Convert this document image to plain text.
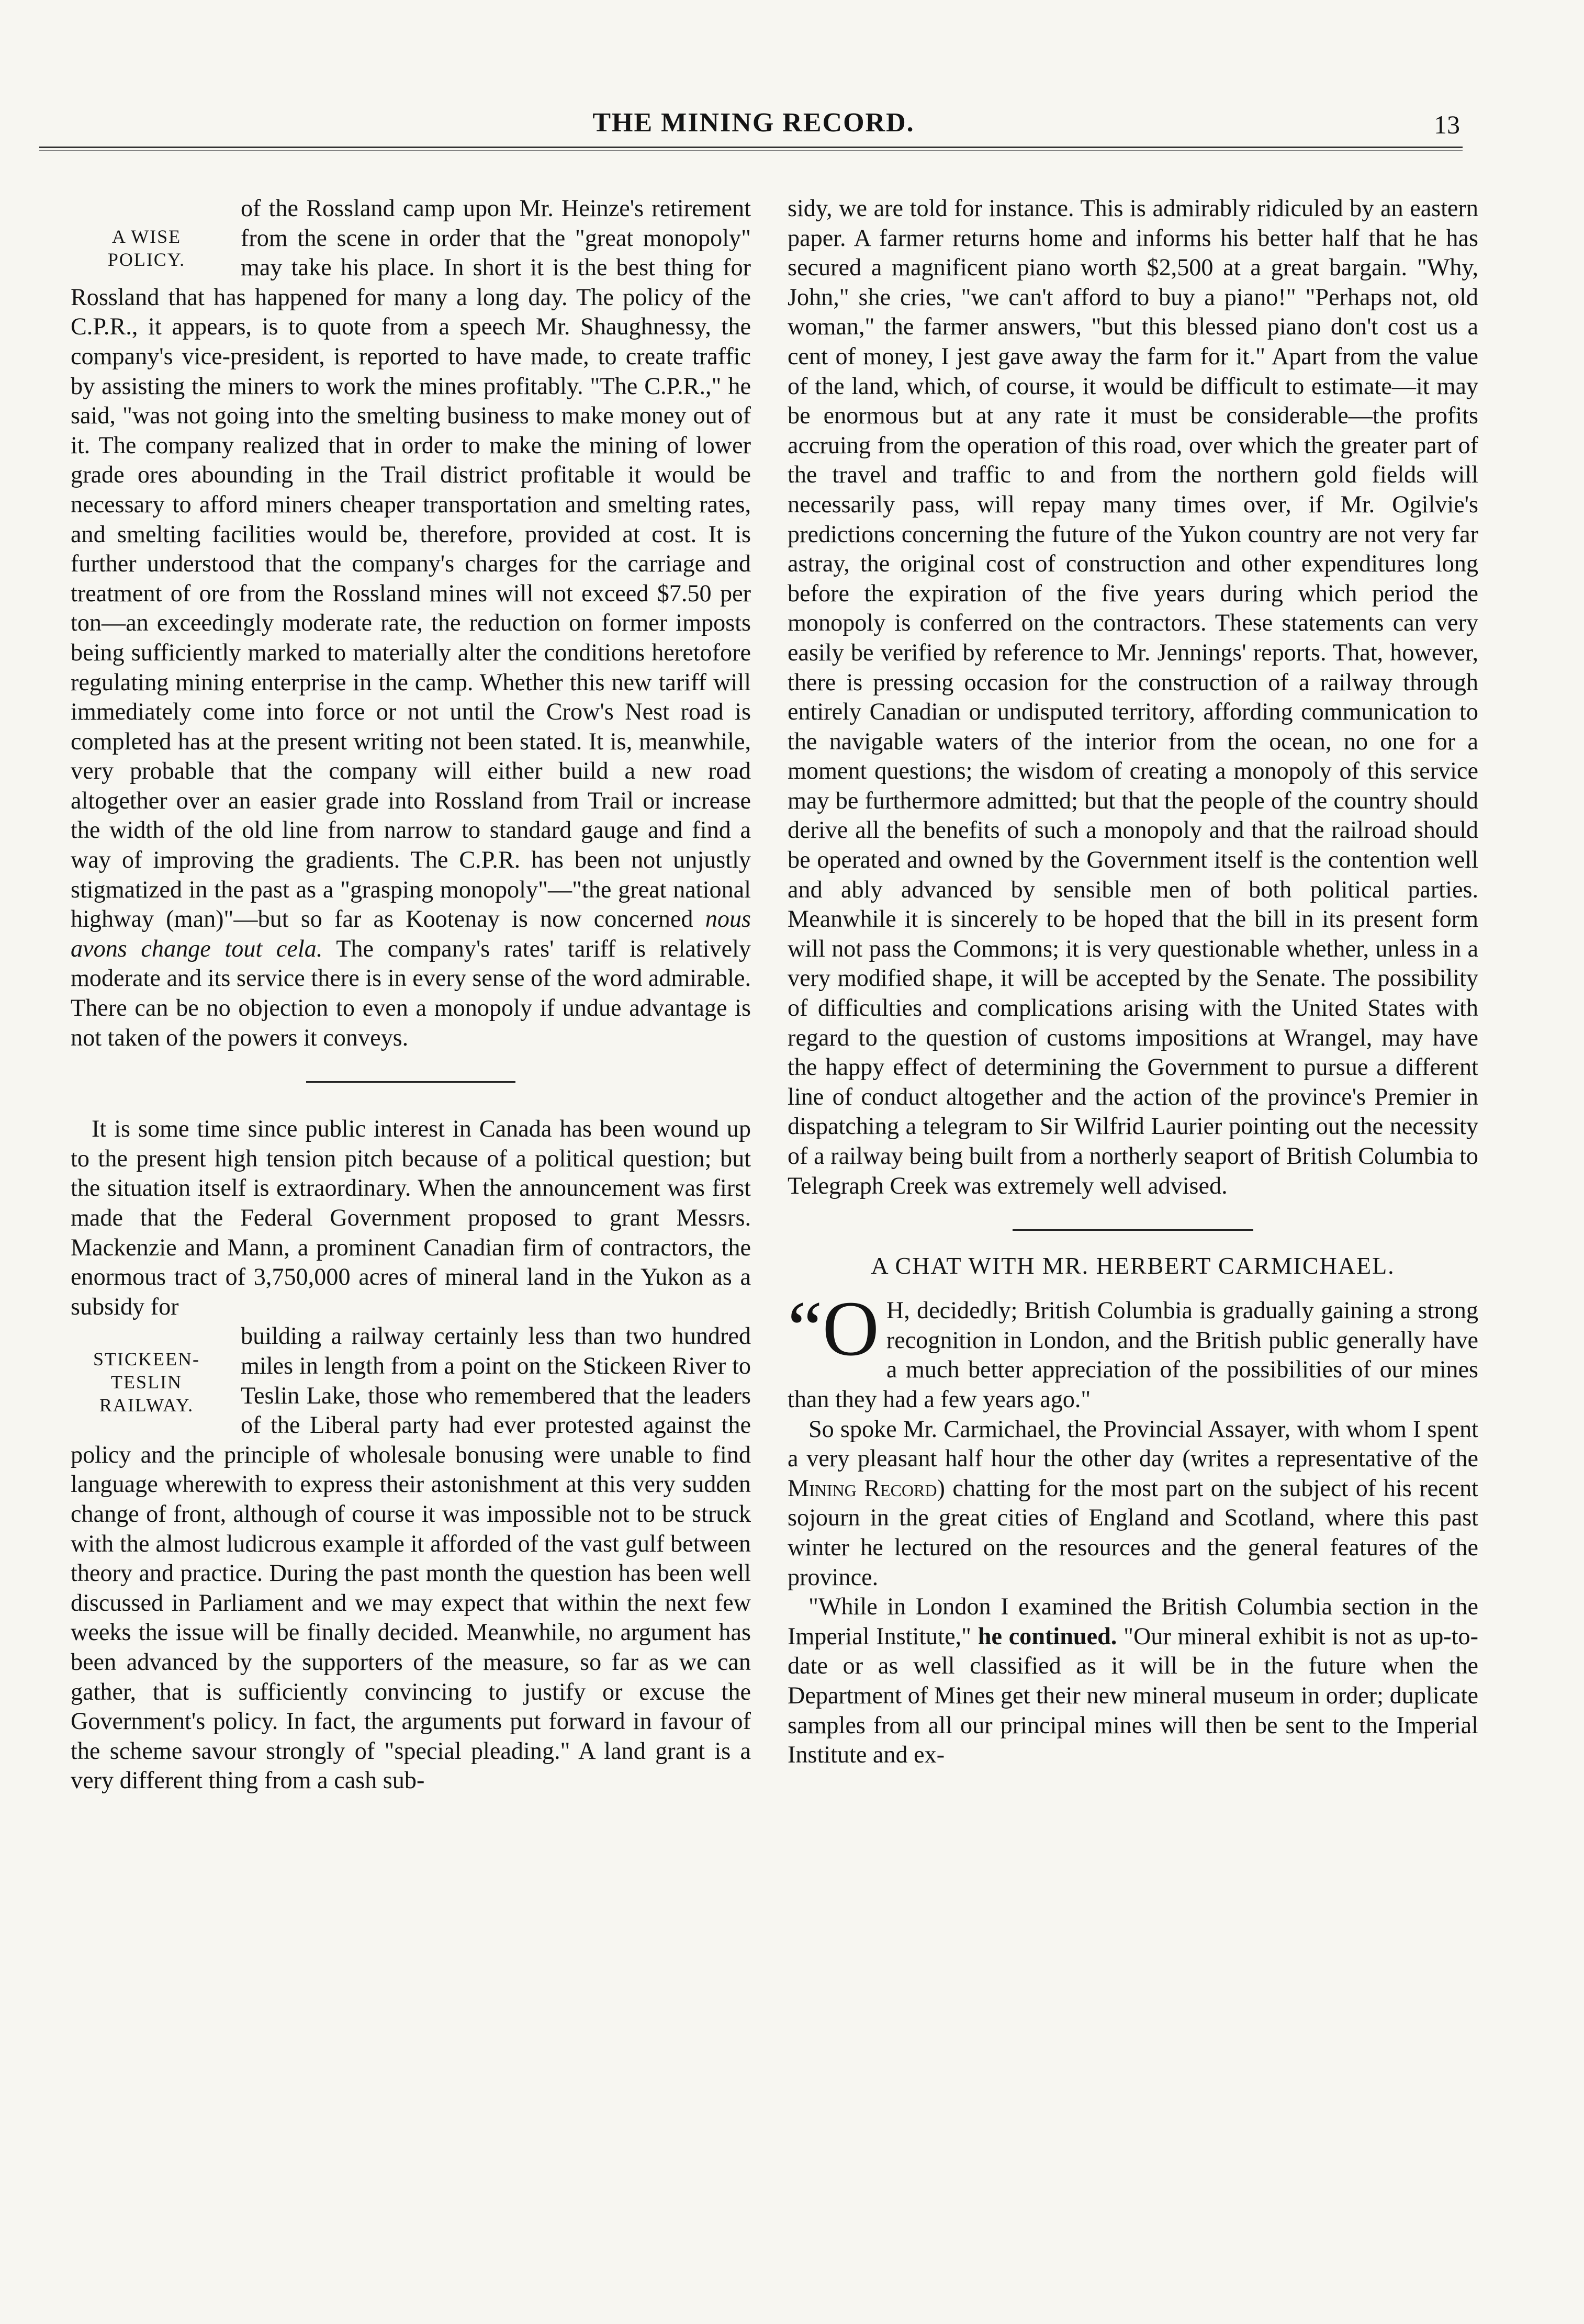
THE MINING RECORD.	13
A WISE
POLICY.

of the Rossland camp upon Mr. Heinze's retirement from the scene in order that the "great monopoly" may take his place. In short it is the best thing for Rossland that has happened for many a long day. The policy of the C.P.R., it appears, is to quote from a speech Mr. Shaughnessy, the company's vice-president, is reported to have made, to create traffic by assisting the miners to work the mines profitably. "The C.P.R.," he said, "was not going into the smelting business to make money out of it. The company realized that in order to make the mining of lower grade ores abounding in the Trail district profitable it would be necessary to afford miners cheaper transportation and smelting rates, and smelting facilities would be, therefore, provided at cost. It is further understood that the company's charges for the carriage and treatment of ore from the Rossland mines will not exceed $7.50 per ton—an exceedingly moderate rate, the reduction on former imposts being sufficiently marked to materially alter the conditions heretofore regulating mining enterprise in the camp. Whether this new tariff will immediately come into force or not until the Crow's Nest road is completed has at the present writing not been stated. It is, meanwhile, very probable that the company will either build a new road altogether over an easier grade into Rossland from Trail or increase the width of the old line from narrow to standard gauge and find a way of improving the gradients. The C.P.R. has been not unjustly stigmatized in the past as a "grasping monopoly"—"the great national highway (man)"—but so far as Kootenay is now concerned nous avons change tout cela. The company's rates' tariff is relatively moderate and its service there is in every sense of the word admirable. There can be no objection to even a monopoly if undue advantage is not taken of the powers it conveys.

It is some time since public interest in Canada has been wound up to the present high tension pitch because of a political question; but the situation itself is extraordinary. When the announcement was first made that the Federal Government proposed to grant Messrs. Mackenzie and Mann, a prominent Canadian firm of contractors, the enormous tract of 3,750,000 acres of mineral land in the Yukon as a subsidy for

STICKEEN-
TESLIN
RAILWAY.

building a railway certainly less than two hundred miles in length from a point on the Stickeen River to Teslin Lake, those who remembered that the leaders of the Liberal party had ever protested against the policy and the principle of wholesale bonusing were unable to find language wherewith to express their astonishment at this very sudden change of front, although of course it was impossible not to be struck with the almost ludicrous example it afforded of the vast gulf between theory and practice. During the past month the question has been well discussed in Parliament and we may expect that within the next few weeks the issue will be finally decided. Meanwhile, no argument has been advanced by the supporters of the measure, so far as we can gather, that is sufficiently convincing to justify or excuse the Government's policy. In fact, the arguments put forward in favour of the scheme savour strongly of "special pleading." A land grant is a very different thing from a cash sub-

sidy, we are told for instance. This is admirably ridiculed by an eastern paper. A farmer returns home and informs his better half that he has secured a magnificent piano worth $2,500 at a great bargain. "Why, John," she cries, "we can't afford to buy a piano!" "Perhaps not, old woman," the farmer answers, "but this blessed piano don't cost us a cent of money, I jest gave away the farm for it." Apart from the value of the land, which, of course, it would be difficult to estimate—it may be enormous but at any rate it must be considerable—the profits accruing from the operation of this road, over which the greater part of the travel and traffic to and from the northern gold fields will necessarily pass, will repay many times over, if Mr. Ogilvie's predictions concerning the future of the Yukon country are not very far astray, the original cost of construction and other expenditures long before the expiration of the five years during which period the monopoly is conferred on the contractors. These statements can very easily be verified by reference to Mr. Jennings' reports. That, however, there is pressing occasion for the construction of a railway through entirely Canadian or undisputed territory, affording communication to the navigable waters of the interior from the ocean, no one for a moment questions; the wisdom of creating a monopoly of this service may be furthermore admitted; but that the people of the country should derive all the benefits of such a monopoly and that the railroad should be operated and owned by the Government itself is the contention well and ably advanced by sensible men of both political parties. Meanwhile it is sincerely to be hoped that the bill in its present form will not pass the Commons; it is very questionable whether, unless in a very modified shape, it will be accepted by the Senate. The possibility of difficulties and complications arising with the United States with regard to the question of customs impositions at Wrangel, may have the happy effect of determining the Government to pursue a different line of conduct altogether and the action of the province's Premier in dispatching a telegram to Sir Wilfrid Laurier pointing out the necessity of a railway being built from a northerly seaport of British Columbia to Telegraph Creek was extremely well advised.

A CHAT WITH MR. HERBERT CARMICHAEL.

“O H, decidedly; British Columbia is gradually gaining a strong recognition in London, and the British public generally have a much better appreciation of the possibilities of our mines than they had a few years ago."

So spoke Mr. Carmichael, the Provincial Assayer, with whom I spent a very pleasant half hour the other day (writes a representative of the Mining Record) chatting for the most part on the subject of his recent sojourn in the great cities of England and Scotland, where this past winter he lectured on the resources and the general features of the province.

"While in London I examined the British Columbia section in the Imperial Institute," he continued. "Our mineral exhibit is not as up-to-date or as well classified as it will be in the future when the Department of Mines get their new mineral museum in order; duplicate samples from all our principal mines will then be sent to the Imperial Institute and ex-
